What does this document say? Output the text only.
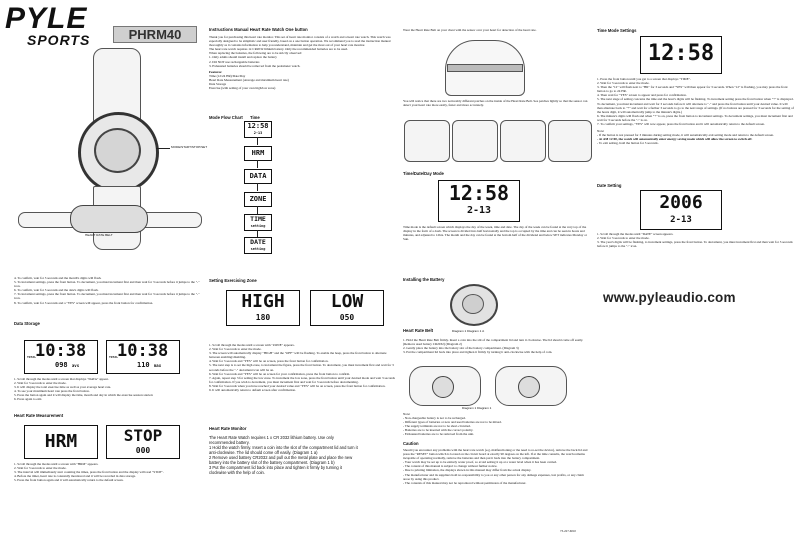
PYLE
SPORTS	PHRM40
MODE/START/STOP/SET
HEART RATE BELT
Instructions Manual Heart Rate Watch One button
Thank you for purchasing this heart rate monitor. This set of heart rate monitor consists of a watch and a heart rate watch. This watch was especially designed to be simplistic and user friendly, based on a one button operation. We recommend you to read the instruction manual thoroughly as it contains information to help you understand, maintain and get the most out of your heart rate monitor.
The heart rate watch requires 1x CR2032 lithium battery. Only the recommended batteries are to be used.
When replacing the batteries, the following are to be strictly observed:
1. Only adults should install and replace the battery
2. DO NOT use rechargeable batteries
3. Exhausted batteries should be removed from the pedometer watch.
Features:
Time (12/24 HR)/Date/Day
Heart Rate Measurement (Average and maximum heart rate)
Data Storage
Exercise (with setting of your own high/low zone)
Mode Flow Chart Time
12:58
2-13
HRM
DATA
ZONE
TIME
setting
DATE
setting
Wear the Heart Rate Belt on your chest with the sensor over your heart for detection of the heart rate.
You will notice that there are two noticeably different patches on the inside of the Heart Rate Belt. See patches lightly so that the sensor can detect your heart rate more easily, faster and more accurately.
Time/Date/Day Mode
12:58
2-13
Time mode is the default screen which displays the day of the week, time and date. The day of the week can be found at the very top of the display in the form of a dash. The screen is divided into half horizontally and the top is occupied by the time and can be seen in hours and minutes, and adjusted to 12hrs. The month and the day can be found at the bottom half of the dividend and below SET indicates Monday or Sun.
Time Mode Settings
12:58
1. Press the front button until you get to a screen that displays "TIME".
2. Wait for 3 seconds to enter the mode.
3. Then the "12" will flash next to "HR" for 3 seconds and "YES" will then appear for 3 seconds. When "12" is flashing, you may press the front button to go to 24 HR.
4. Then wait for "YES" screen to appear and press for confirmation.
5. The next stage of setting concerns the time and the hour's digits will be flashing. To increment setting press the front button when "+" is displayed. To decrement, you must increment and wait for 3 seconds before it will alternate to "-" and press the front button until your desired value. It will then alternate back to "+" and wait for a further 3 seconds to go to the next stage of settings. (If no buttons are pressed for 3 seconds for the setting of the hours digit, it will automatically jump to the minute's digits.)
6. The minute's digits will flash and when "+" is on, press the front button to increment settings. To decrement settings, you must increment first and wait for 3 seconds before the "-" is on.
7. To confirm your settings, "YES" will now appear, press the front button and it will automatically return to the default screen.
Note:
- If the button is not pressed for 3 minutes during setting mode, it will automatically exit setting mode and return to the default screen.
- At AM 12:00, the watch will automatically enter energy saving mode which will allow the screen to switch off.
- To exit setting, hold the button for 3 seconds.
Date Setting
2006
2-13
1. Scroll through the modes until "DATE" screen appears.
2. Wait for 3 seconds to enter the mode.
3. The year's digits will be flashing, to increment settings, press the front button. To decrement, you must increment first and then wait for 3 seconds before it jumps to the "-" icon.
4. To confirm, wait for 3 seconds and the month's digits will flash.
5. To increment settings, press the front button. To decrement, you must increment first and then wait for 3 seconds before it jumps to the "-" icon.
6. To confirm, wait for 3 seconds and the date's digits will flash.
7. To increment settings, press the front button. To decrement, you must increment first and then wait for 3 seconds before it jumps to the "-" icon.
8. To confirm, wait for 3 seconds and a "YES" screen will appear, press the front button for confirmation.
Data Storage
10:38
098 avs
TOTAL	10:38
110 max
TOTAL
1. Scroll through the modes until a screen that displays "DATA" appear.
2. Wait for 3 seconds to enter the mode.
3. It will display the total exercise time as well as your average heart rate.
4. To see your maximum heart rate press the front button.
5. Press the button again and it will display the time, month and day in which the exercise session started.
6. Press again to exit.
Heart Rate Measurement
HRM	STOP
000
1. Scroll through the modes until a screen with "HRM" appears.
2. Wait for 3 seconds to enter the mode.
3. The interval will immediately start counting the times, press the front button and the display will read "STOP".
4. Before the timer, heart rate is constantly monitored and it will be recorded in data storage.
5. Press the front button again and it will automatically return to the default screen.
Setting Exercising Zone
HIGH
180
LOW
050
1. Scroll through the modes until a screen with "ZONE" appears.
2. Wait for 3 seconds to enter the mode.
3. The screen will automatically display "HIGH" and the "OFF" will be flashing. To enable the beep, press the front button to alternate between enabling/disabling.
4. Wait for 3 seconds and "YES" will be on screen, press the front button for confirmation.
5. The next step is to set the high zone, to increment the figure, press the front button. To decrement, you must increment first and wait for 3 seconds before the "-" decrement icon will be on.
6. Wait for 3 seconds and "YES" will be on screen for your confirmation, press the front button to confirm.
7. Again, repeat step 3 for setting the low zone. To increment the low zone, press the front button until your desired mode and wait 3 seconds for confirmation. If you wish to decrement, you must increment first and wait for 3 seconds before decrementing.
8. Wait for 3 seconds when you have reached your desired value and "YES" will be on screen, press the front button for confirmation.
9. It will automatically return to default screen after confirmation.
Heart Rate Monitor
The Heart Rate Watch requires 1 x CR 2032 lithium battery. Use only recommended battery.
1 Hold the watch firmly. Insert a coin into the slot of the compartment lid and turn it anti-clockwise. The lid should come off easily. (Diagram 1 a)
2 Remove used battery CR2032 and pull out the metal plate and place the new battery into the battery slot of the battery compartment. (Diagram 1 b)
3 Put the compartment lid back into place and tighten it firmly by turning it clockwise with the help of coin.
Installing the Battery
Heart Rate Belt	Diagram 1 Diagram 1 A
1. Hold the Heart Rate Belt firmly. Insert a coin into the slit of the compartment lid and turn it clockwise. The lid should come off easily. (Remove used battery CR2032) (Diagram 2)
2. Gently place the battery into the battery slot of the battery compartment. (Diagram 3)
3. Put the compartment lid back into place and tighten it firmly by turning it anti-clockwise with the help of coin.
Diagram 1 Diagram 1
Note:
- Non-chargeable battery is not to be recharged.
- Different types of batteries or new and used batteries are not to be mixed.
- The supply terminals are not to be short-circuited.
- Batteries are to be inserted with the correct polarity.
- Exhausted batteries are to be removed from the unit.
Caution
Should you encounter any problems with the heart rate watch (e.g. malfunctioning or the need to re-set the device), remove the back lid and press the "RESET" button which is located on the circuit board at exactly 90 degrees on the left. If at the time consults, the watch remains incapable of operating normally, remove the batteries and then put it back into the battery compartment.
- Your watch may be set up to be entirely water proof, so avoid setting it up at a water level when it has been carried.
- The content of this manual is subject to change without further notice.
- Due to printing limitation, the displays shown in this manual may differ from the actual display.
- The manufacturer and its suppliers hold no responsibility to you or any other person for any damage expenses, lost profits, or any claim arose by using this product.
- The contents of this manual may not be reproduced without permission of the manufacturer.
73-227-6010
www.pyleaudio.com
